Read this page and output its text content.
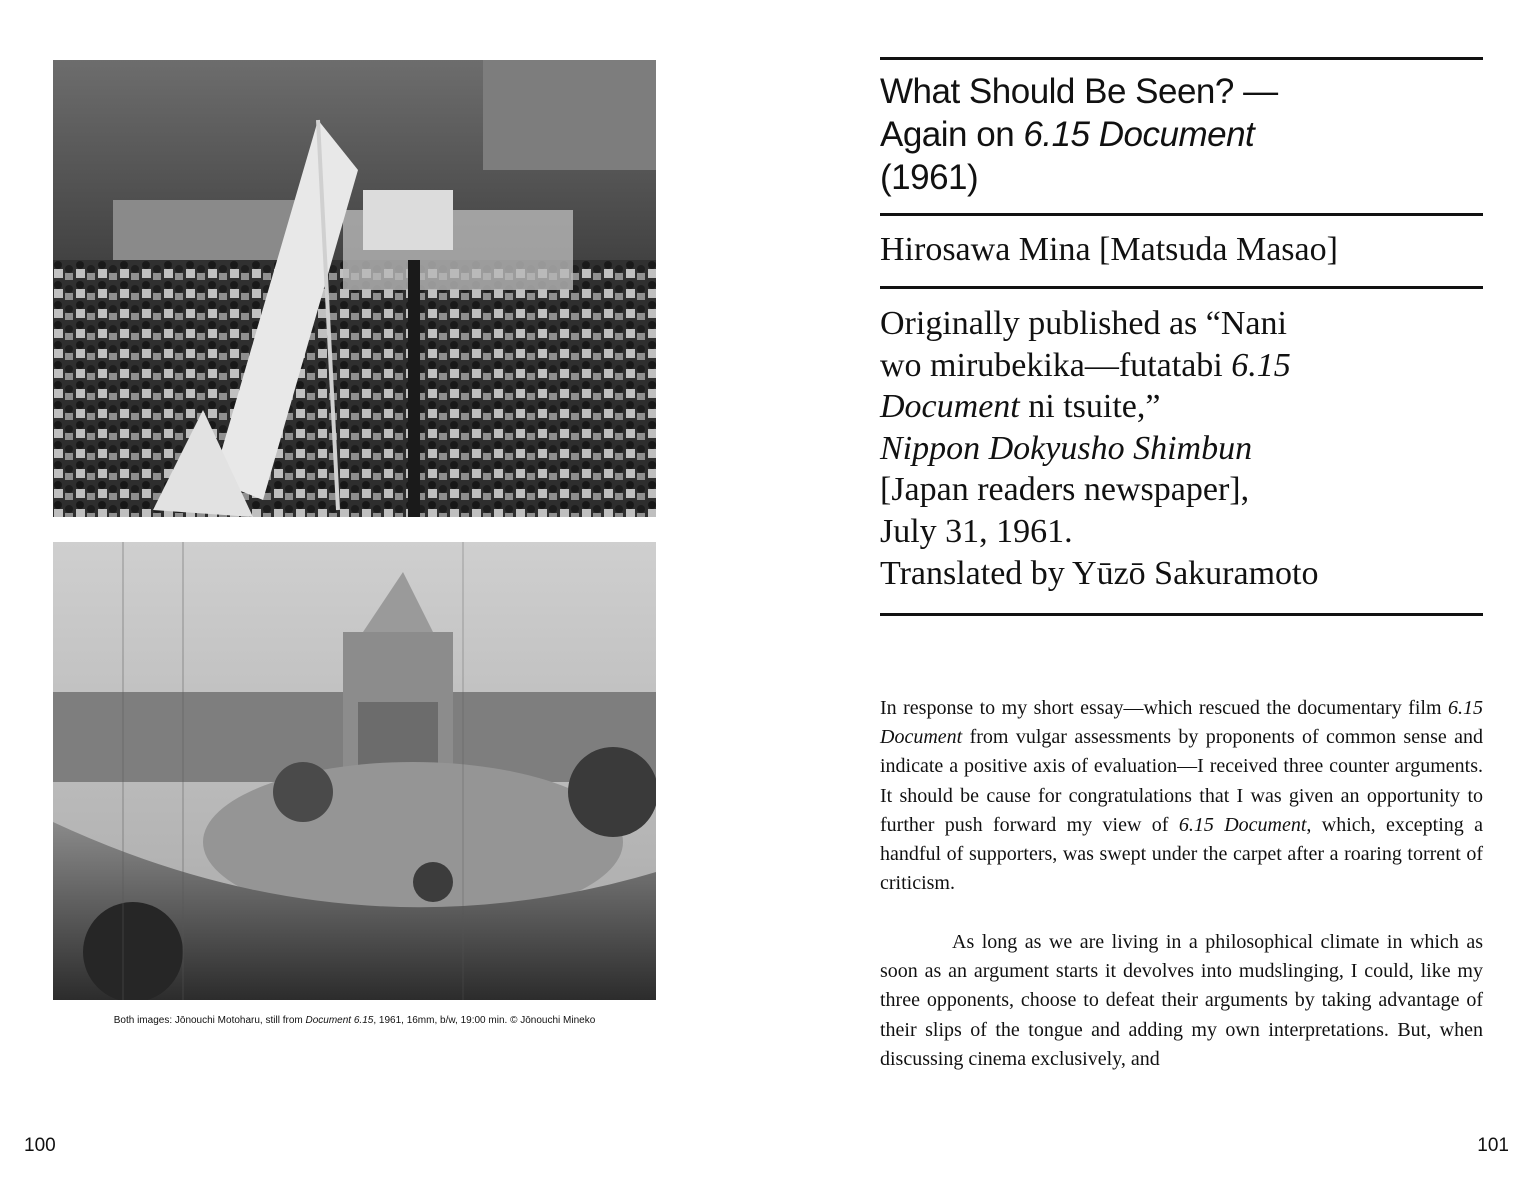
Both images: Jōnouchi Motoharu, still from Document 6.15, 1961, 16mm, b/w, 19:00 min. © Jōnouchi Mineko
100
What Should Be Seen? —
Again on 6.15 Document
(1961)
Hirosawa Mina [Matsuda Masao]
Originally published as “Nani
wo mirubekika—futatabi 6.15
Document ni tsuite,”
Nippon Dokyusho Shimbun
[Japan readers newspaper],
July 31, 1961.
Translated by Yūzō Sakuramoto

In response to my short essay—which rescued the documentary film 6.15 Document from vulgar assessments by proponents of common sense and indicate a positive axis of evaluation—I received three counter arguments. It should be cause for congratulations that I was given an opportunity to further push forward my view of 6.15 Document, which, excepting a handful of supporters, was swept under the carpet after a roaring torrent of criticism.

As long as we are living in a philosophical climate in which as soon as an argument starts it devolves into mudslinging, I could, like my three opponents, choose to defeat their arguments by taking advantage of their slips of the tongue and adding my own interpretations. But, when discussing cinema exclusively, and

101
